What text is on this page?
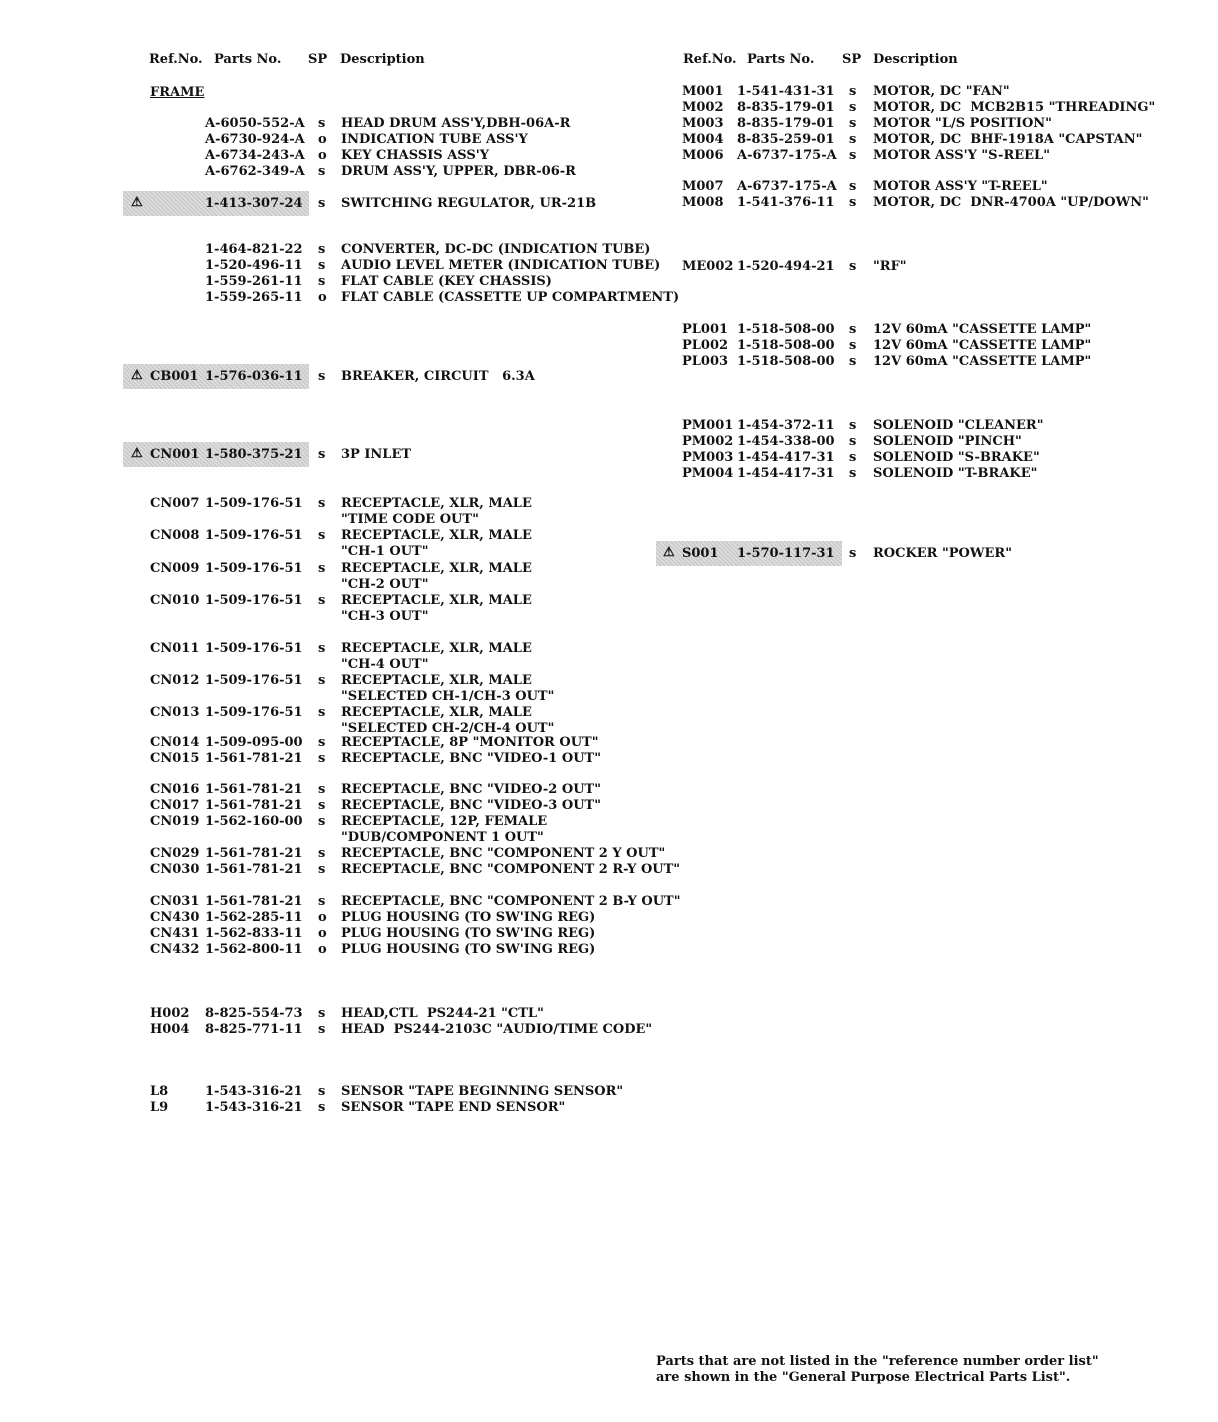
Ref.No. Parts No. SP Description	Ref.No. Parts No. SP Description
FRAME
A-6050-552-A s HEAD DRUM ASS'Y,DBH-06A-R
A-6730-924-A o INDICATION TUBE ASS'Y
A-6734-243-A o KEY CHASSIS ASS'Y
A-6762-349-A s DRUM ASS'Y, UPPER, DBR-06-R
⚠	1-413-307-24 s SWITCHING REGULATOR, UR-21B
1-464-821-22 s CONVERTER, DC-DC (INDICATION TUBE)
1-520-496-11 s AUDIO LEVEL METER (INDICATION TUBE)
1-559-261-11 s FLAT CABLE (KEY CHASSIS)
1-559-265-11 o FLAT CABLE (CASSETTE UP COMPARTMENT)
⚠ CB001 1-576-036-11 s BREAKER, CIRCUIT   6.3A
⚠ CN001 1-580-375-21 s 3P INLET
CN007 1-509-176-51 s RECEPTACLE, XLR, MALE
"TIME CODE OUT"
CN008 1-509-176-51 s RECEPTACLE, XLR, MALE
"CH-1 OUT"
CN009 1-509-176-51 s RECEPTACLE, XLR, MALE
"CH-2 OUT"
CN010 1-509-176-51 s RECEPTACLE, XLR, MALE
"CH-3 OUT"
CN011 1-509-176-51 s RECEPTACLE, XLR, MALE
"CH-4 OUT"
CN012 1-509-176-51 s RECEPTACLE, XLR, MALE
"SELECTED CH-1/CH-3 OUT"
CN013 1-509-176-51 s RECEPTACLE, XLR, MALE
"SELECTED CH-2/CH-4 OUT"
CN014 1-509-095-00 s RECEPTACLE, 8P "MONITOR OUT"
CN015 1-561-781-21 s RECEPTACLE, BNC "VIDEO-1 OUT"
CN016 1-561-781-21 s RECEPTACLE, BNC "VIDEO-2 OUT"
CN017 1-561-781-21 s RECEPTACLE, BNC "VIDEO-3 OUT"
CN019 1-562-160-00 s RECEPTACLE, 12P, FEMALE
"DUB/COMPONENT 1 OUT"
CN029 1-561-781-21 s RECEPTACLE, BNC "COMPONENT 2 Y OUT"
CN030 1-561-781-21 s RECEPTACLE, BNC "COMPONENT 2 R-Y OUT"
CN031 1-561-781-21 s RECEPTACLE, BNC "COMPONENT 2 B-Y OUT"
CN430 1-562-285-11 o PLUG HOUSING (TO SW'ING REG)
CN431 1-562-833-11 o PLUG HOUSING (TO SW'ING REG)
CN432 1-562-800-11 o PLUG HOUSING (TO SW'ING REG)
H002 8-825-554-73 s HEAD,CTL  PS244-21 "CTL"
H004 8-825-771-11 s HEAD  PS244-2103C "AUDIO/TIME CODE"
L8	1-543-316-21 s SENSOR "TAPE BEGINNING SENSOR"
L9	1-543-316-21 s SENSOR "TAPE END SENSOR"
M001 1-541-431-31 s MOTOR, DC "FAN"
M002 8-835-179-01 s MOTOR, DC  MCB2B15 "THREADING"
M003 8-835-179-01 s MOTOR "L/S POSITION"
M004 8-835-259-01 s MOTOR, DC  BHF-1918A "CAPSTAN"
M006 A-6737-175-A s MOTOR ASS'Y "S-REEL"
M007 A-6737-175-A s MOTOR ASS'Y "T-REEL"
M008 1-541-376-11 s MOTOR, DC  DNR-4700A "UP/DOWN"
ME002 1-520-494-21 s "RF"
PL001 1-518-508-00 s 12V 60mA "CASSETTE LAMP"
PL002 1-518-508-00 s 12V 60mA "CASSETTE LAMP"
PL003 1-518-508-00 s 12V 60mA "CASSETTE LAMP"
PM001 1-454-372-11 s SOLENOID "CLEANER"
PM002 1-454-338-00 s SOLENOID "PINCH"
PM003 1-454-417-31 s SOLENOID "S-BRAKE"
PM004 1-454-417-31 s SOLENOID "T-BRAKE"
⚠ S001 1-570-117-31 s ROCKER "POWER"
Parts that are not listed in the "reference number order list"
are shown in the "General Purpose Electrical Parts List".
